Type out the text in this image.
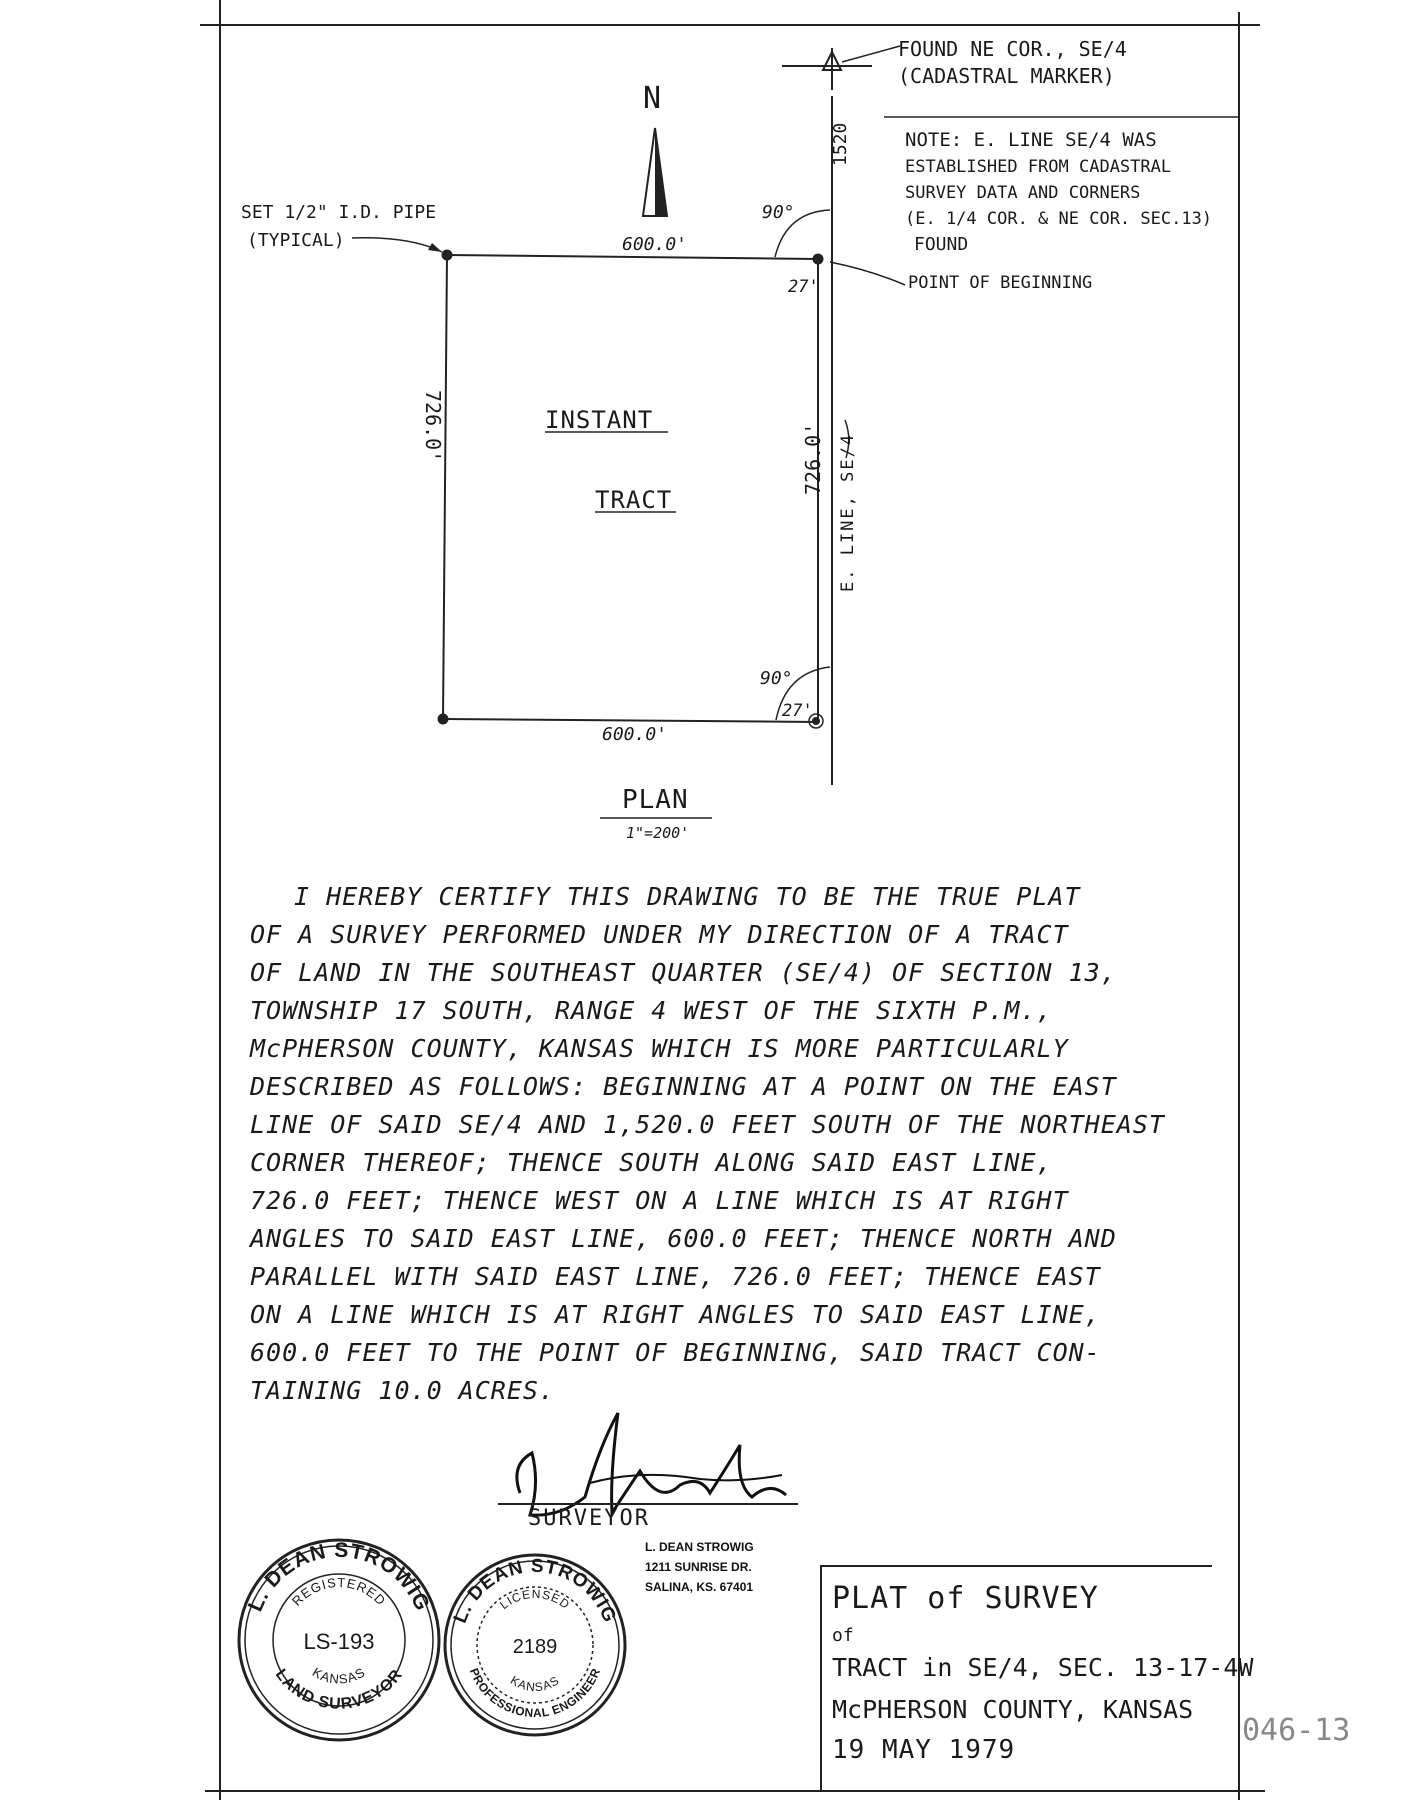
N
1520
FOUND NE COR., SE/4
(CADASTRAL MARKER)
NOTE: E. LINE SE/4 WAS
ESTABLISHED FROM CADASTRAL
SURVEY DATA AND CORNERS
(E. 1/4 COR. & NE COR. SEC.13)
FOUND
SET 1/2" I.D. PIPE
(TYPICAL)
POINT OF BEGINNING
600.0'
600.0'
726.0'	726.0' E. LINE, SE/4
90°
90°
27'
27'
INSTANT
TRACT
PLAN
1"=200'
I HEREBY CERTIFY THIS DRAWING TO BE THE TRUE PLAT
OF A SURVEY PERFORMED UNDER MY DIRECTION OF A TRACT
OF LAND IN THE SOUTHEAST QUARTER (SE/4) OF SECTION 13,
TOWNSHIP 17 SOUTH, RANGE 4 WEST OF THE SIXTH P.M.,
McPHERSON COUNTY, KANSAS WHICH IS MORE PARTICULARLY
DESCRIBED AS FOLLOWS: BEGINNING AT A POINT ON THE EAST
LINE OF SAID SE/4 AND 1,520.0 FEET SOUTH OF THE NORTHEAST
CORNER THEREOF; THENCE SOUTH ALONG SAID EAST LINE,
726.0 FEET; THENCE WEST ON A LINE WHICH IS AT RIGHT
ANGLES TO SAID EAST LINE, 600.0 FEET; THENCE NORTH AND
PARALLEL WITH SAID EAST LINE, 726.0 FEET; THENCE EAST
ON A LINE WHICH IS AT RIGHT ANGLES TO SAID EAST LINE,
600.0 FEET TO THE POINT OF BEGINNING, SAID TRACT CON-
TAINING 10.0 ACRES.
SURVEYOR
L. DEAN STROWIG
1211 SUNRISE DR.
SALINA, KS. 67401
L. DEAN STROWIG
LAND SURVEYOR
REGISTERED
KANSAS
LS-193
L. DEAN STROWIG
PROFESSIONAL ENGINEER
LICENSED
KANSAS
2189
PLAT of SURVEY
of
TRACT in SE/4, SEC. 13-17-4W
McPHERSON COUNTY, KANSAS
19 MAY 1979
046-13
